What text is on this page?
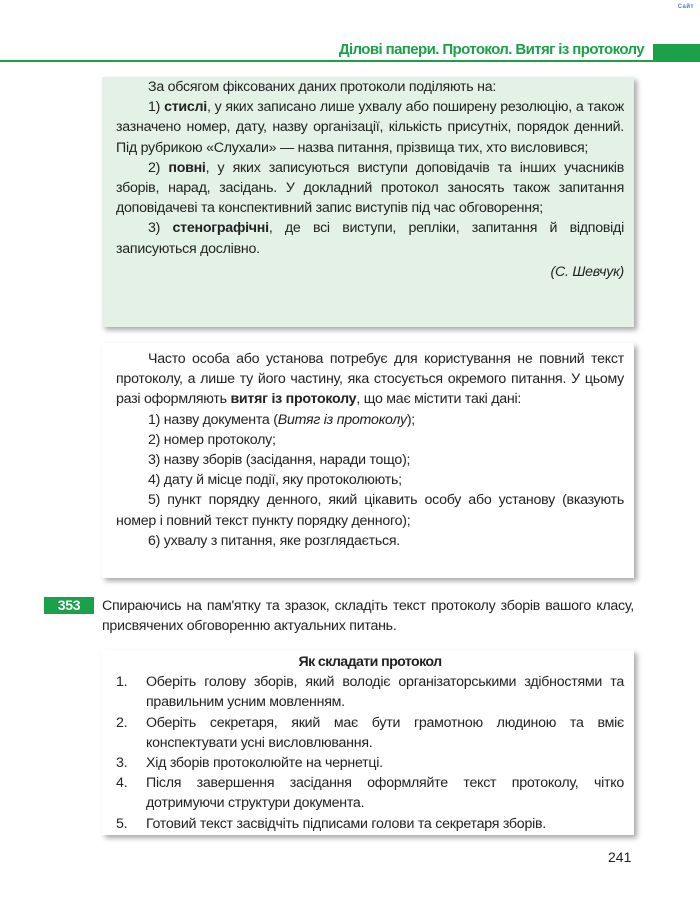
Сайт
Ділові папери. Протокол. Витяг із протоколу

За обсягом фіксованих даних протоколи поділяють на:

1) стислі, у яких записано лише ухвалу або поширену резолюцію, а також зазначено номер, дату, назву організації, кількість присутніх, порядок денний. Під рубрикою «Слухали» — назва питання, прізвища тих, хто висловився;

2) повні, у яких записуються виступи доповідачів та інших учасників зборів, нарад, засідань. У докладний протокол заносять також запитання доповідачеві та конспективний запис виступів під час обговорення;

3) стенографічні, де всі виступи, репліки, запитання й відповіді записуються дослівно.

(С. Шевчук)

Часто особа або установа потребує для користування не повний текст протоколу, а лише ту його частину, яка стосується окремого питання. У цьому разі оформляють витяг із протоколу, що має містити такі дані:

1) назву документа (Витяг із протоколу);

2) номер протоколу;

3) назву зборів (засідання, наради тощо);

4) дату й місце події, яку протоколюють;

5) пункт порядку денного, який цікавить особу або установу (вказують номер і повний текст пункту порядку денного);

6) ухвалу з питання, яке розглядається.

353	Спираючись на пам'ятку та зразок, складіть текст протоколу зборів вашого класу, присвячених обговоренню актуальних питань.

Як складати протокол

1. Оберіть голову зборів, який володіє організаторськими здібностями та правильним усним мовленням.
2. Оберіть секретаря, який має бути грамотною людиною та вміє конспектувати усні висловлювання.
3. Хід зборів протоколюйте на чернетці.
4. Після завершення засідання оформляйте текст протоколу, чітко дотримуючи структури документа.
5. Готовий текст засвідчіть підписами голови та секретаря зборів.
241
